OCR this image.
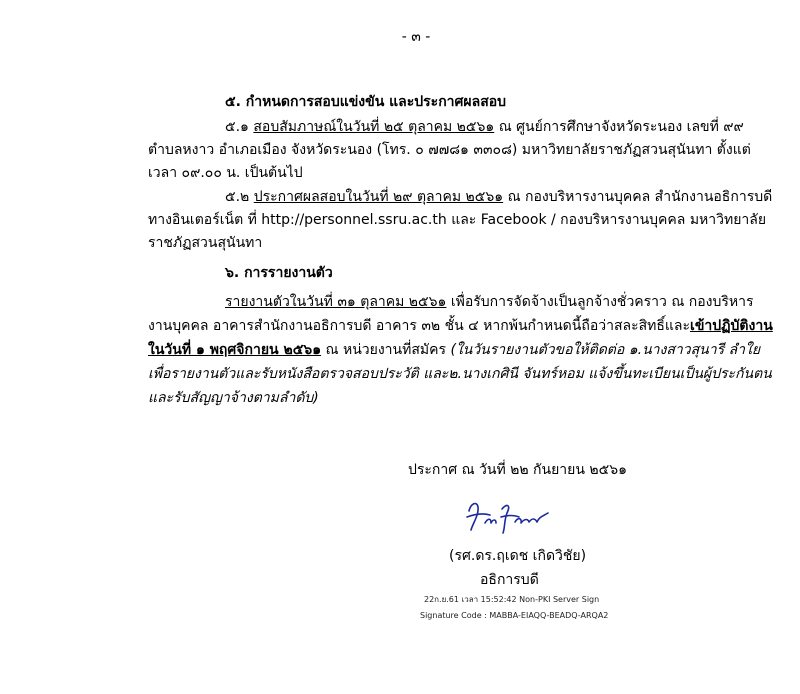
- ๓ -
๕. กำหนดการสอบแข่งขัน และประกาศผลสอบ
๕.๑ สอบสัมภาษณ์ในวันที่ ๒๕ ตุลาคม ๒๕๖๑ ณ ศูนย์การศึกษาจังหวัดระนอง เลขที่ ๙๙
ตำบลหงาว อำเภอเมือง จังหวัดระนอง (โทร. ๐ ๗๗๘๑ ๓๓๐๘) มหาวิทยาลัยราชภัฏสวนสุนันทา ตั้งแต่
เวลา ๐๙.๐๐ น. เป็นต้นไป
๕.๒ ประกาศผลสอบในวันที่ ๒๙ ตุลาคม ๒๕๖๑ ณ กองบริหารงานบุคคล สำนักงานอธิการบดี
ทางอินเตอร์เน็ต ที่ http://personnel.ssru.ac.th และ Facebook / กองบริหารงานบุคคล มหาวิทยาลัย
ราชภัฏสวนสุนันทา
๖. การรายงานตัว
รายงานตัวในวันที่ ๓๑ ตุลาคม ๒๕๖๑ เพื่อรับการจัดจ้างเป็นลูกจ้างชั่วคราว ณ กองบริหาร
งานบุคคล อาคารสำนักงานอธิการบดี อาคาร ๓๒ ชั้น ๔ หากพ้นกำหนดนี้ถือว่าสละสิทธิ์และเข้าปฏิบัติงาน
ในวันที่ ๑ พฤศจิกายน ๒๕๖๑ ณ หน่วยงานที่สมัคร (ในวันรายงานตัวขอให้ติดต่อ ๑.นางสาวสุนารี ลำใย
เพื่อรายงานตัวและรับหนังสือตรวจสอบประวัติ และ๒.นางเกศินี จันทร์หอม แจ้งขึ้นทะเบียนเป็นผู้ประกันตน
และรับสัญญาจ้างตามลำดับ)
ประกาศ ณ วันที่ ๒๒ กันยายน ๒๕๖๑
(รศ.ดร.ฤเดช เกิดวิชัย)
อธิการบดี
22ก.ย.61 เวลา 15:52:42 Non-PKI Server Sign
Signature Code : MABBA-EIAQQ-BEADQ-ARQA2
